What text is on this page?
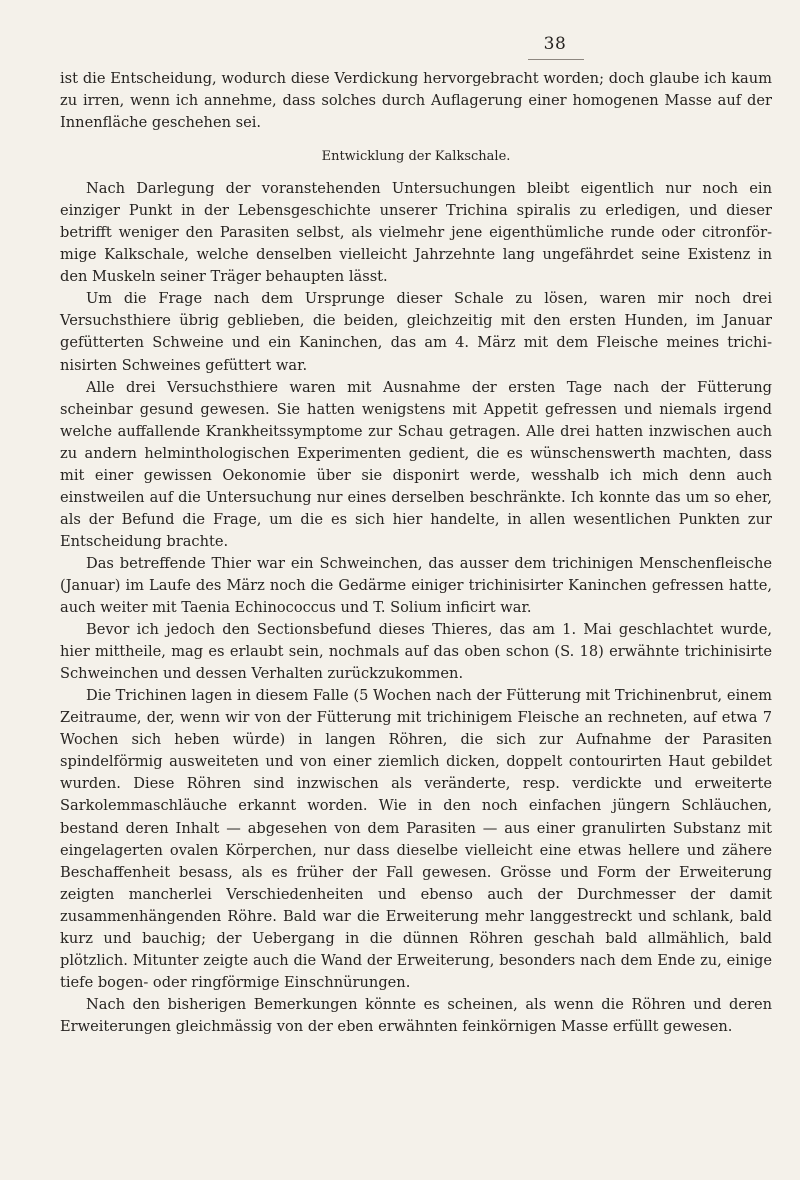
38

ist die Entscheidung, wodurch diese Verdickung hervorgebracht worden; doch glaube ich kaum zu irren, wenn ich annehme, dass solches durch Auflagerung einer homogenen Masse auf der Innenfläche geschehen sei.

Entwicklung der Kalkschale.

Nach Darlegung der voranstehenden Untersuchungen bleibt eigentlich nur noch ein einziger Punkt in der Lebensgeschichte unserer Trichina spiralis zu erledigen, und dieser betrifft weniger den Parasiten selbst, als vielmehr jene eigenthümliche runde oder citronförmige Kalkschale, welche denselben vielleicht Jahrzehnte lang ungefährdet seine Existenz in den Muskeln seiner Träger behaupten lässt.

Um die Frage nach dem Ursprunge dieser Schale zu lösen, waren mir noch drei Versuchsthiere übrig geblieben, die beiden, gleichzeitig mit den ersten Hunden, im Januar gefütterten Schweine und ein Kaninchen, das am 4. März mit dem Fleische meines trichinisirten Schweines gefüttert war.

Alle drei Versuchsthiere waren mit Ausnahme der ersten Tage nach der Fütterung scheinbar gesund gewesen. Sie hatten wenigstens mit Appetit gefressen und niemals irgend welche auffallende Krankheitssymptome zur Schau getragen. Alle drei hatten inzwischen auch zu andern helminthologischen Experimenten gedient, die es wünschenswerth machten, dass mit einer gewissen Oekonomie über sie disponirt werde, wesshalb ich mich denn auch einstweilen auf die Untersuchung nur eines derselben beschränkte. Ich konnte das um so eher, als der Befund die Frage, um die es sich hier handelte, in allen wesentlichen Punkten zur Entscheidung brachte.

Das betreffende Thier war ein Schweinchen, das ausser dem trichinigen Menschenfleische (Januar) im Laufe des März noch die Gedärme einiger trichinisirter Kaninchen gefressen hatte, auch weiter mit Taenia Echinococcus und T. Solium inficirt war.

Bevor ich jedoch den Sectionsbefund dieses Thieres, das am 1. Mai geschlachtet wurde, hier mittheile, mag es erlaubt sein, nochmals auf das oben schon (S. 18) erwähnte trichinisirte Schweinchen und dessen Verhalten zurückzukommen.

Die Trichinen lagen in diesem Falle (5 Wochen nach der Fütterung mit Trichinenbrut, einem Zeitraume, der, wenn wir von der Fütterung mit trichinigem Fleische an rechneten, auf etwa 7 Wochen sich heben würde) in langen Röhren, die sich zur Aufnahme der Parasiten spindelförmig ausweiteten und von einer ziemlich dicken, doppelt contourirten Haut gebildet wurden. Diese Röhren sind inzwischen als veränderte, resp. verdickte und erweiterte Sarkolemmaschläuche erkannt worden. Wie in den noch einfachen jüngern Schläuchen, bestand deren Inhalt — abgesehen von dem Parasiten — aus einer granulirten Substanz mit eingelagerten ovalen Körperchen, nur dass dieselbe vielleicht eine etwas hellere und zähere Beschaffenheit besass, als es früher der Fall gewesen. Grösse und Form der Erweiterung zeigten mancherlei Verschiedenheiten und ebenso auch der Durchmesser der damit zusammenhängenden Röhre. Bald war die Erweiterung mehr langgestreckt und schlank, bald kurz und bauchig; der Uebergang in die dünnen Röhren geschah bald allmählich, bald plötzlich. Mitunter zeigte auch die Wand der Erweiterung, besonders nach dem Ende zu, einige tiefe bogen- oder ringförmige Einschnürungen.

Nach den bisherigen Bemerkungen könnte es scheinen, als wenn die Röhren und deren Erweiterungen gleichmässig von der eben erwähnten feinkörnigen Masse erfüllt gewesen.
